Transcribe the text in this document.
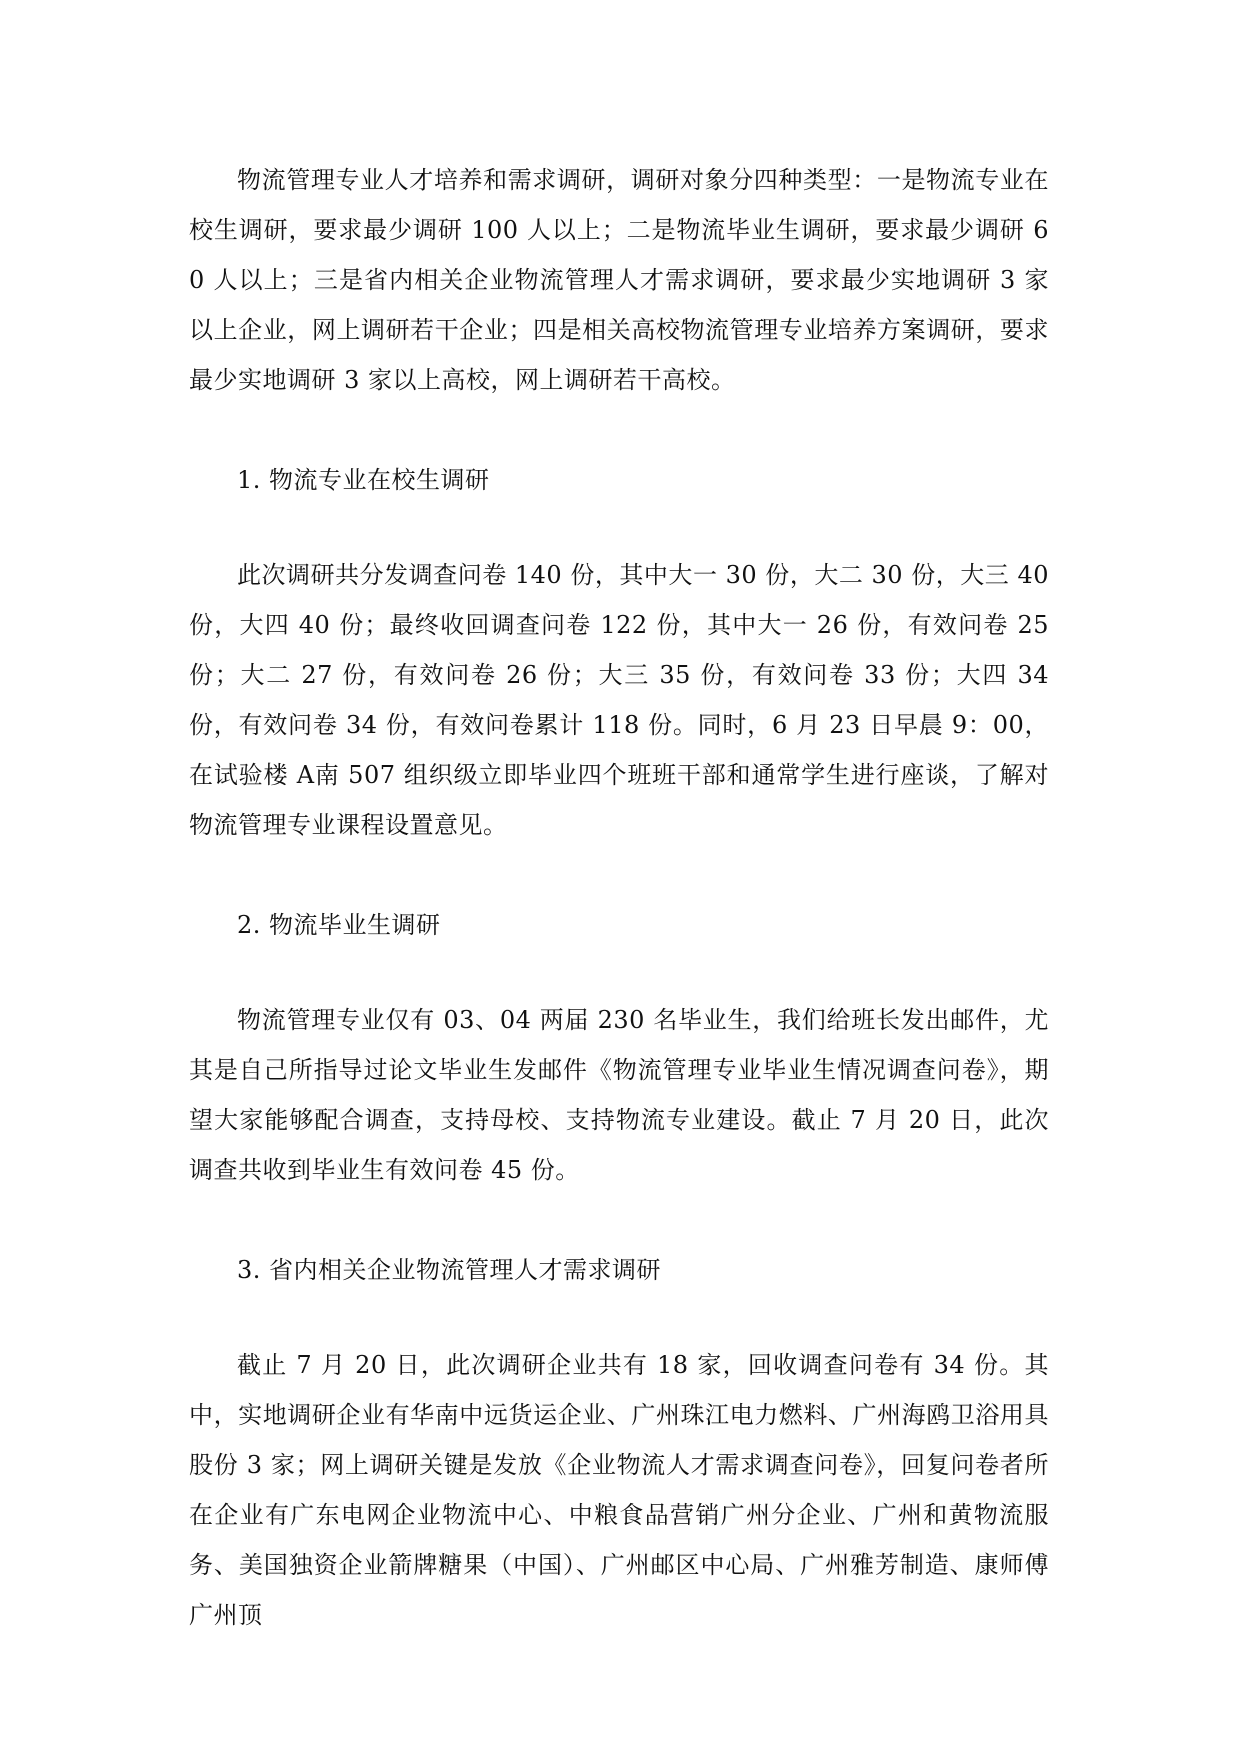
物流管理专业人才培养和需求调研，调研对象分四种类型：一是物流专业在校生调研，要求最少调研 100 人以上；二是物流毕业生调研，要求最少调研 60 人以上；三是省内相关企业物流管理人才需求调研，要求最少实地调研 3 家以上企业，网上调研若干企业；四是相关高校物流管理专业培养方案调研，要求最少实地调研 3 家以上高校，网上调研若干高校。

1. 物流专业在校生调研

此次调研共分发调查问卷 140 份，其中大一 30 份，大二 30 份，大三 40 份，大四 40 份；最终收回调查问卷 122 份，其中大一 26 份，有效问卷 25 份；大二 27 份，有效问卷 26 份；大三 35 份，有效问卷 33 份；大四 34 份，有效问卷 34 份，有效问卷累计 118 份。同时，6 月 23 日早晨 9：00，在试验楼 A南 507 组织级立即毕业四个班班干部和通常学生进行座谈，了解对物流管理专业课程设置意见。

2. 物流毕业生调研

物流管理专业仅有 03、04 两届 230 名毕业生，我们给班长发出邮件，尤其是自己所指导过论文毕业生发邮件《物流管理专业毕业生情况调查问卷》，期望大家能够配合调查，支持母校、支持物流专业建设。截止 7 月 20 日，此次调查共收到毕业生有效问卷 45 份。

3. 省内相关企业物流管理人才需求调研

截止 7 月 20 日，此次调研企业共有 18 家，回收调查问卷有 34 份。其中，实地调研企业有华南中远货运企业、广州珠江电力燃料、广州海鸥卫浴用具股份 3 家；网上调研关键是发放《企业物流人才需求调查问卷》，回复问卷者所在企业有广东电网企业物流中心、中粮食品营销广州分企业、广州和黄物流服务、美国独资企业箭牌糖果（中国）、广州邮区中心局、广州雅芳制造、康师傅广州顶
